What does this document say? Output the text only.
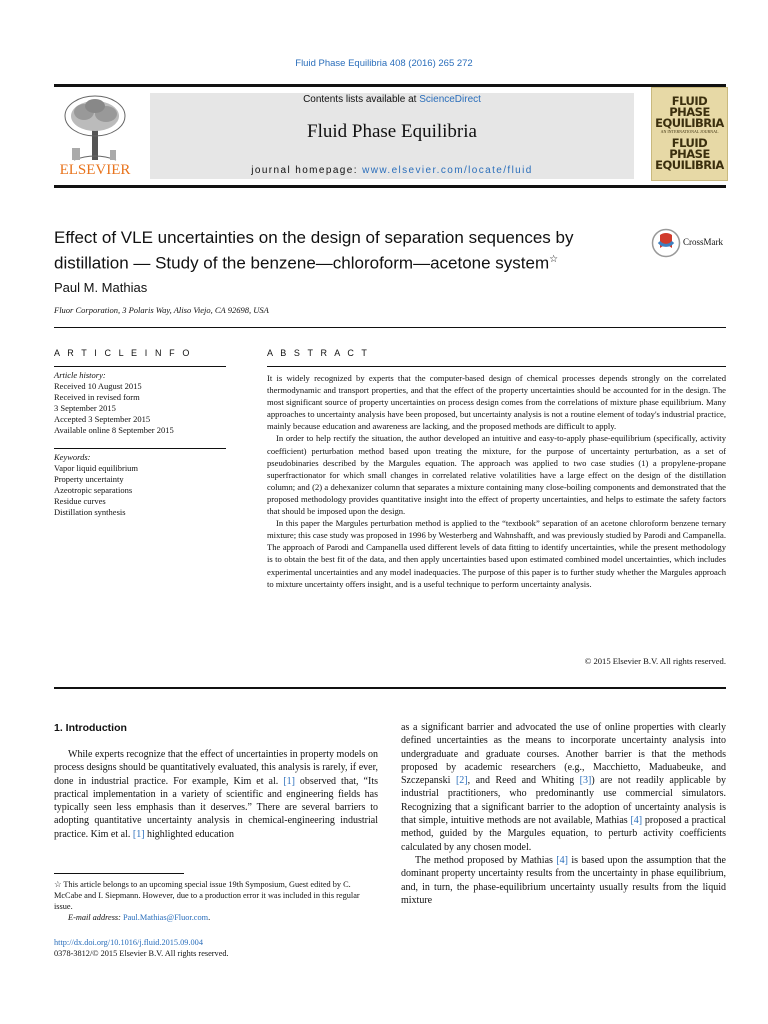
Fluid Phase Equilibria 408 (2016) 265 272
ELSEVIER
Contents lists available at ScienceDirect
Fluid Phase Equilibria
journal homepage: www.elsevier.com/locate/fluid
FLUID PHASE
EQUILIBRIA
AN INTERNATIONAL JOURNAL
FLUID PHASE
EQUILIBRIA
Effect of VLE uncertainties on the design of separation sequences by distillation — Study of the benzene—chloroform—acetone system☆
CrossMark
Paul M. Mathias
Fluor Corporation, 3 Polaris Way, Aliso Viejo, CA 92698, USA
A R T I C L E I N F O
Article history:
Received 10 August 2015
Received in revised form
3 September 2015
Accepted 3 September 2015
Available online 8 September 2015
Keywords:
Vapor liquid equilibrium
Property uncertainty
Azeotropic separations
Residue curves
Distillation synthesis
A B S T R A C T

It is widely recognized by experts that the computer-based design of chemical processes depends strongly on the correlated thermodynamic and transport properties, and that the effect of the property uncertainties should be accounted for in the design. The most significant source of property uncertainties on process design comes from the correlations of mixture phase equilibrium. Many approaches to uncertainty analysis have been proposed, but uncertainty analysis is not a routine element of today's industrial practice, mainly because education and awareness are lacking, and the proposed methods are difficult to apply.

In order to help rectify the situation, the author developed an intuitive and easy-to-apply phase-equilibrium (specifically, activity coefficient) perturbation method based upon treating the mixture, for the purpose of uncertainty perturbation, as a set of pseudobinaries described by the Margules equation. The approach was applied to two case studies (1) a propylene-propane superfractionator for which small changes in correlated relative volatilities have a large effect on the design of the distillation column; and (2) a dehexanizer column that separates a mixture containing many close-boiling components and demonstrated that the proposed methodology provides quantitative insight into the effect of property uncertainties, and helps to estimate the safety factors that should be imposed upon the design.

In this paper the Margules perturbation method is applied to the “textbook” separation of an acetone chloroform benzene ternary mixture; this case study was proposed in 1996 by Westerberg and Wahnshafft, and was previously studied by Parodi and Campanella. The approach of Parodi and Campanella used different levels of data fitting to identify uncertainties, while the present methodology is to obtain the best fit of the data, and then apply uncertainties based upon estimated combined model uncertainties, which includes experimental uncertainties and any model inadequacies. The purpose of this paper is to further study whether the Margules approach to mixture uncertainty offers insight, and is a useful technique to perform uncertainty analysis.

© 2015 Elsevier B.V. All rights reserved.
1. Introduction

While experts recognize that the effect of uncertainties in property models on process designs should be quantitatively evaluated, this analysis is rarely, if ever, done in industrial practice. For example, Kim et al. [1] observed that, “Its practical implementation in a variety of scientific and engineering fields has typically seen less emphasis than it deserves.” There are several barriers to adopting quantitative uncertainty analysis in chemical-engineering industrial practice. Kim et al. [1] highlighted education

as a significant barrier and advocated the use of online properties with clearly defined uncertainties as the means to incorporate uncertainty analysis into undergraduate and graduate courses. Another barrier is that the methods proposed by academic researchers (e.g., Macchietto, Maduabeuke, and Szczepanski [2], and Reed and Whiting [3]) are not readily applicable by industrial practitioners, who predominantly use commercial simulators. Recognizing that a significant barrier to the adoption of uncertainty analysis is that simple, intuitive methods are not available, Mathias [4] proposed a practical method, guided by the Margules equation, to perturb activity coefficients calculated by any chosen model.

The method proposed by Mathias [4] is based upon the assumption that the dominant property uncertainty results from the uncertainty in phase equilibrium, and, in turn, the phase-equilibrium uncertainty usually results from the liquid mixture

☆ This article belongs to an upcoming special issue 19th Symposium, Guest edited by C. McCabe and I. Siepmann. However, due to a production error it was included in this regular issue.

E-mail address: Paul.Mathias@Fluor.com.

http://dx.doi.org/10.1016/j.fluid.2015.09.004
0378-3812/© 2015 Elsevier B.V. All rights reserved.
